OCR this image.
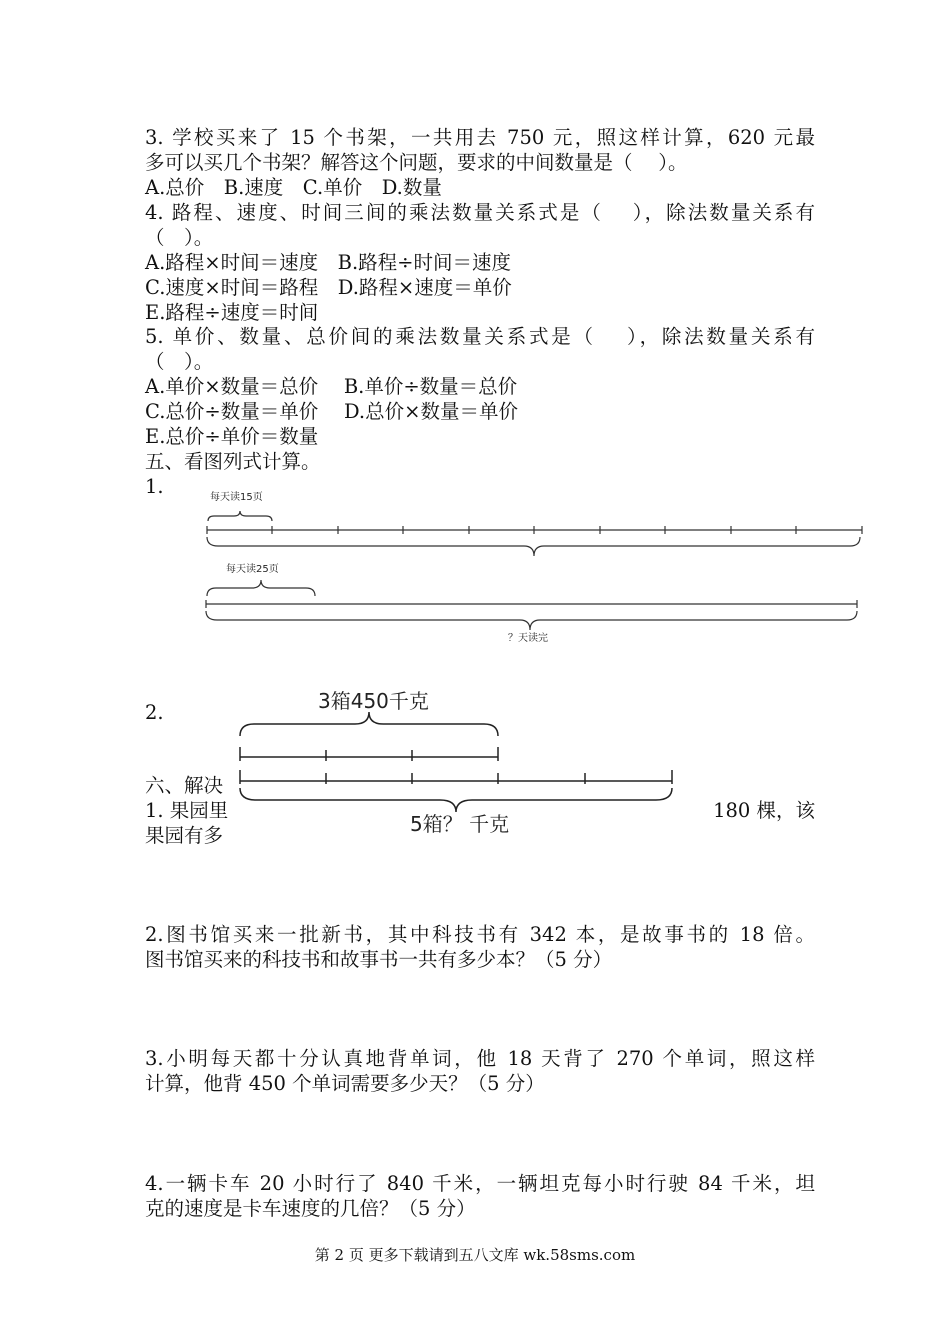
3. 学校买来了 15 个书架，一共用去 750 元，照这样计算，620 元最
多可以买几个书架？解答这个问题，要求的中间数量是（　 ）。
A.总价　B.速度　C.单价　D.数量
4. 路程、速度、时间三间的乘法数量关系式是（　 ），除法数量关系有
（　）。
A.路程×时间＝速度　B.路程÷时间＝速度
C.速度×时间＝路程　D.路程×速度＝单价
E.路程÷速度＝时间
5. 单价、数量、总价间的乘法数量关系式是（　 ），除法数量关系有
（　）。
A.单价×数量＝总价　 B.单价÷数量＝总价
C.总价÷数量＝单价　 D.总价×数量＝单价
E.总价÷单价＝数量
五、看图列式计算。
1.	每天读15页
每天读25页
？天读完
2.
六、解决
1. 果园里	180 棵，该
果园有多
3箱450千克
5箱？ 千克
2.图书馆买来一批新书，其中科技书有 342 本，是故事书的 18 倍。
图书馆买来的科技书和故事书一共有多少本？（5 分）
3.小明每天都十分认真地背单词，他 18 天背了 270 个单词，照这样
计算，他背 450 个单词需要多少天？（5 分）
4.一辆卡车 20 小时行了 840 千米，一辆坦克每小时行驶 84 千米，坦
克的速度是卡车速度的几倍？（5 分）
第 2 页 更多下载请到五八文库 wk.58sms.com
